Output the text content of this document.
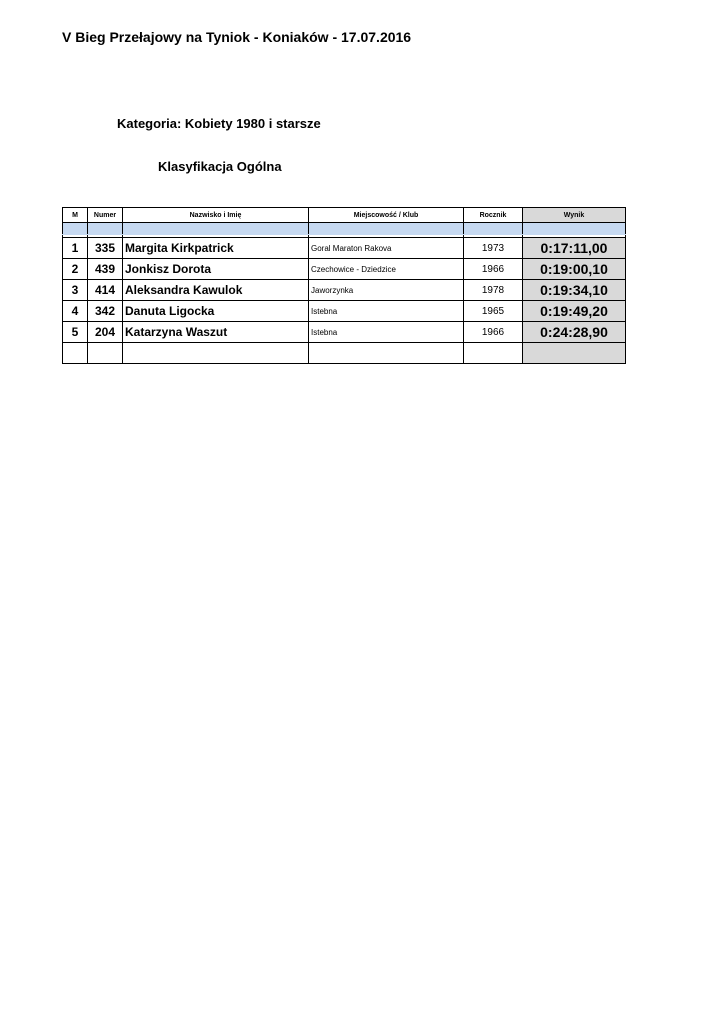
V Bieg Przełajowy na Tyniok - Koniaków - 17.07.2016
Kategoria: Kobiety 1980 i starsze
Klasyfikacja Ogólna
M	Numer	Nazwisko i Imię	Miejscowość / Klub	Rocznik	Wynik

1	335	Margita Kirkpatrick	Goral Maraton Rakova	1973	0:17:11,00
2	439	Jonkisz Dorota	Czechowice - Dziedzice	1966	0:19:00,10
3	414	Aleksandra Kawulok	Jaworzynka	1978	0:19:34,10
4	342	Danuta Ligocka	Istebna	1965	0:19:49,20
5	204	Katarzyna Waszut	Istebna	1966	0:24:28,90
